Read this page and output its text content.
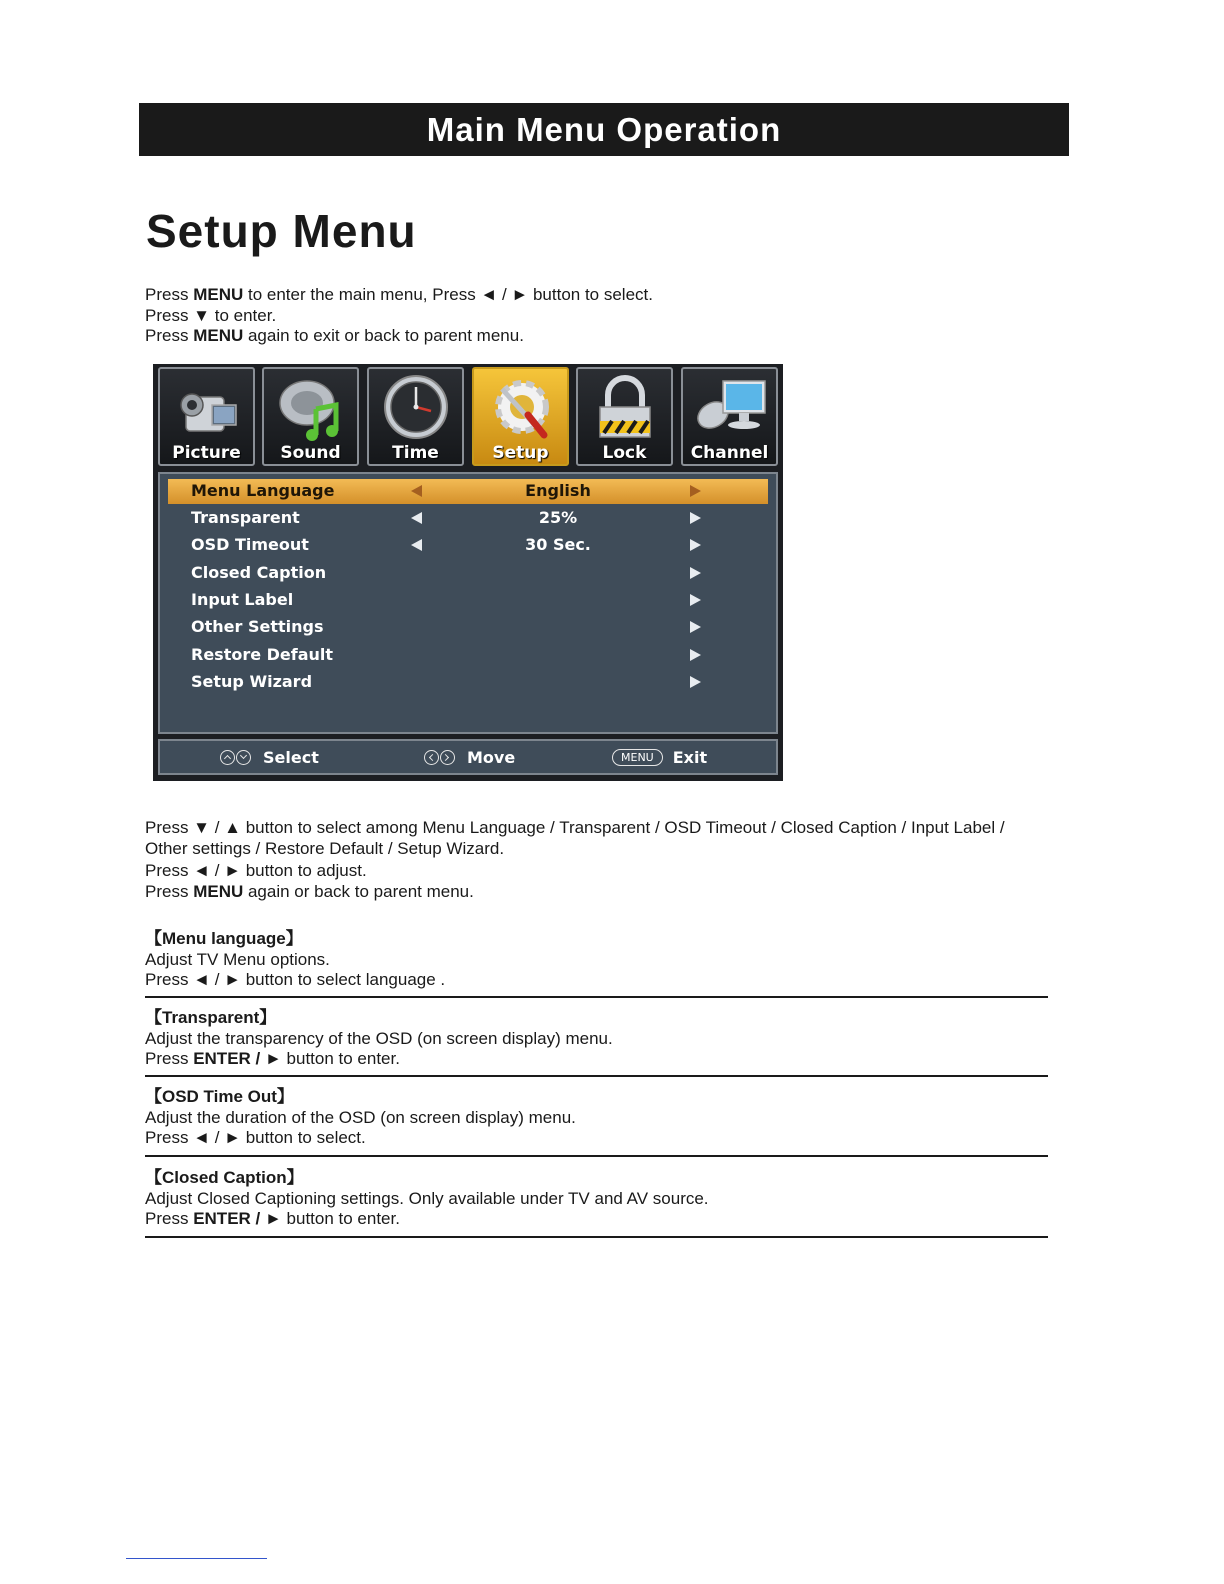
Main Menu Operation
Setup Menu
Press MENU to enter the main menu, Press ◄ / ► button to select.
Press ▼ to enter.
Press MENU again to exit or back to parent menu.
Picture	Sound	Time	Setup	Lock	Channel
Menu Language	English
Transparent	25%
OSD Timeout	30 Sec.
Closed Caption
Input Label
Other Settings
Restore Default
Setup Wizard
Select	Move	MENU	Exit
Press ▼ / ▲ button to select among Menu Language / Transparent / OSD Timeout / Closed Caption / Input Label /
Other settings / Restore Default / Setup Wizard.
Press ◄ / ► button to adjust.
Press MENU again or back to parent menu.
【Menu language】
Adjust TV Menu options.
Press ◄ / ► button to select language .
【Transparent】
Adjust the transparency of the OSD (on screen display) menu.
Press ENTER / ► button to enter.
【OSD Time Out】
Adjust the duration of the OSD (on screen display) menu.
Press ◄ / ► button to select.
【Closed Caption】
Adjust Closed Captioning settings. Only available under TV and AV source.
Press ENTER / ► button to enter.
